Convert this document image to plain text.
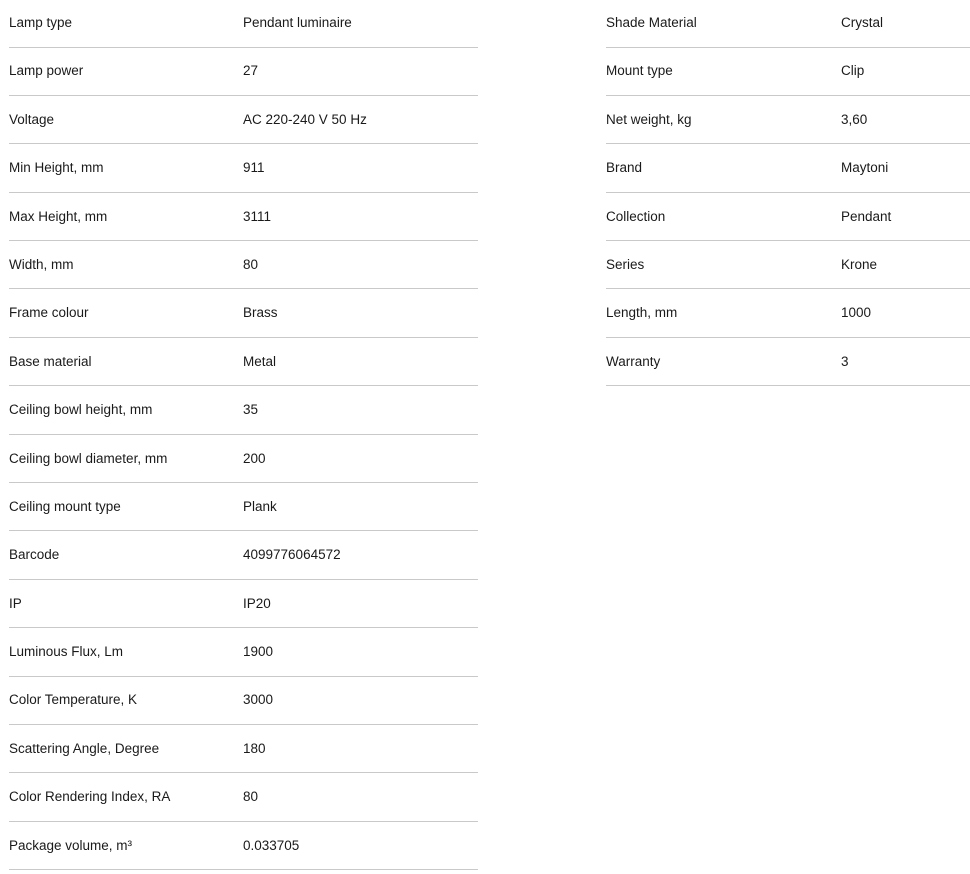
Lamp type	Pendant luminaire
Lamp power	27
Voltage	AC 220-240 V 50 Hz
Min Height, mm	911
Max Height, mm	3111
Width, mm	80
Frame colour	Brass
Base material	Metal
Ceiling bowl height, mm	35
Ceiling bowl diameter, mm	200
Ceiling mount type	Plank
Barcode	4099776064572
IP	IP20
Luminous Flux, Lm	1900
Color Temperature, K	3000
Scattering Angle, Degree	180
Color Rendering Index, RA	80
Package volume, m³	0.033705
Shade Material	Crystal
Mount type	Clip
Net weight, kg	3,60
Brand	Maytoni
Collection	Pendant
Series	Krone
Length, mm	1000
Warranty	3
